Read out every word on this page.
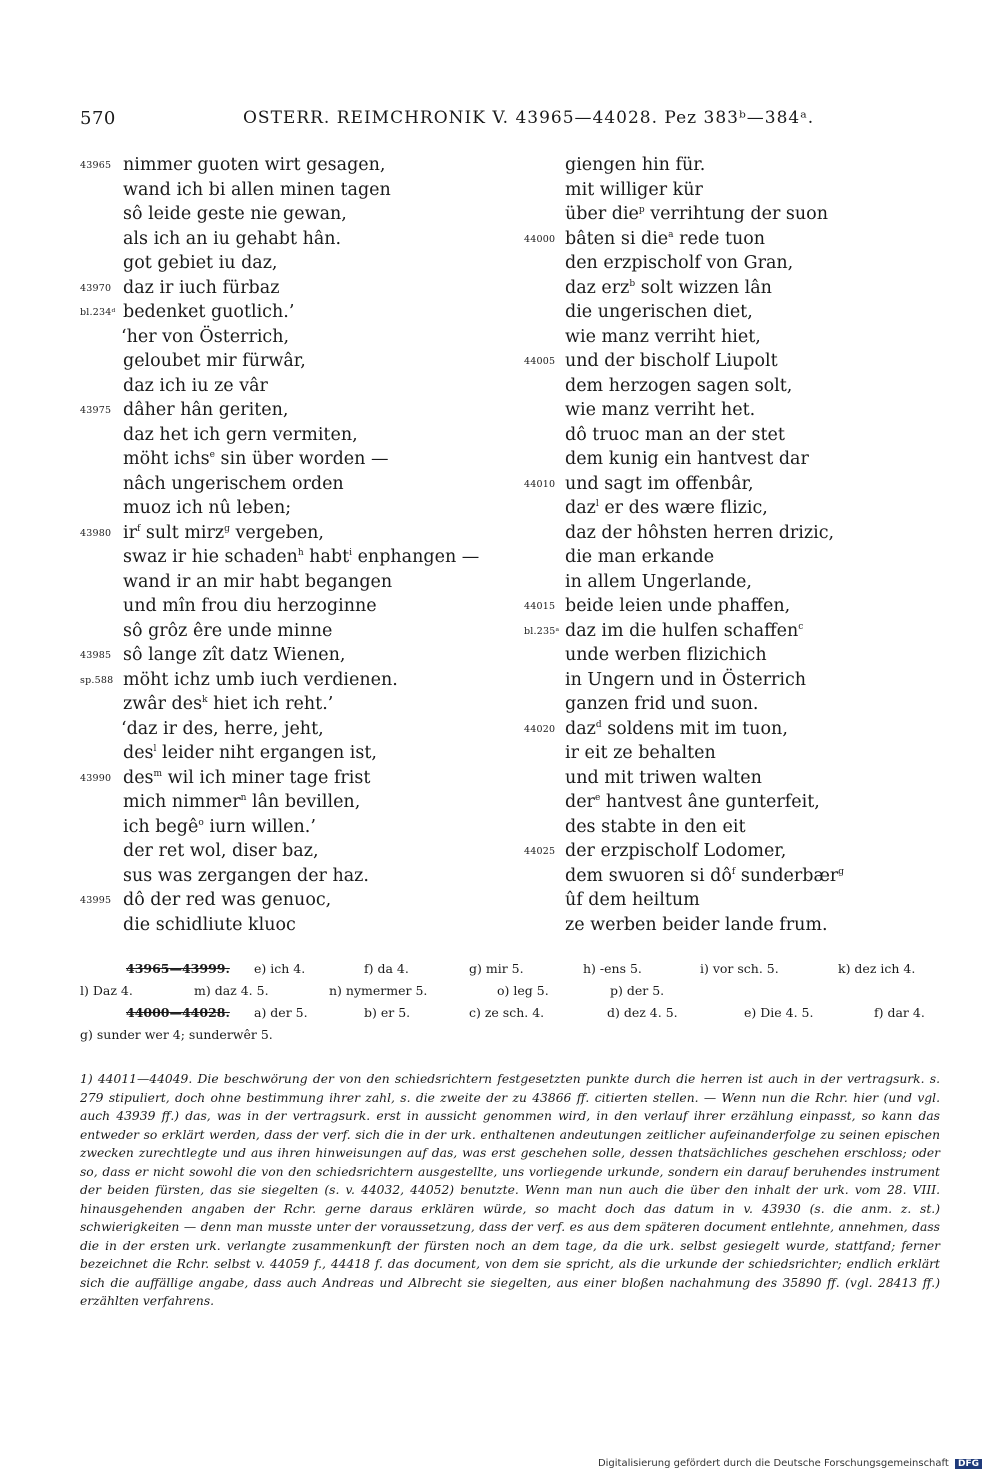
570	OSTERR. REIMCHRONIK V. 43965—44028. Pez 383ᵇ—384ᵃ.
43965 nimmer guoten wirt gesagen,
wand ich bi allen minen tagen
sô leide geste nie gewan,
als ich an iu gehabt hân.
got gebiet iu daz,
43970 daz ir iuch fürbaz
bl.234ᵈ bedenket guotlich.’
‘her von Österrich,
geloubet mir fürwâr,
daz ich iu ze vâr
43975 dâher hân geriten,
daz het ich gern vermiten,
möht ichs$^e$ sin über worden —
nâch ungerischem orden
muoz ich nû leben;
43980 $ir^f$ sult mirz$^g$ vergeben,
swaz ir hie schaden$^h$ habt$^i$ enphangen —
wand ir an mir habt begangen
und mîn frou diu herzoginne
sô grôz êre unde minne
43985 sô lange zît datz Wienen,
sp.588 möht ichz umb iuch verdienen.
zwâr des$^k$ hiet ich reht.’
‘daz ir des, herre, jeht,
des$^l$ leider niht ergangen ist,
43990 des$^m$ wil ich miner tage frist
mich nimmer$^n$ lân bevillen,
ich begê$^o$ iurn willen.’
der ret wol, diser baz,
sus was zergangen der haz.
43995 dô der red was genuoc,
die schidliute kluoc
giengen hin für.
mit williger kür
über die$^p$ verrihtung der suon
44000 bâten si die$^a$ rede tuon
den erzpischolf von Gran,
daz erz$^b$ solt wizzen lân
die ungerischen diet,
wie manz verriht hiet,
44005 und der bischolf Liupolt
dem herzogen sagen solt,
wie manz verriht het.
dô truoc man an der stet
dem kunig ein hantvest dar
44010 und sagt im offenbâr,
daz$^l$ er des wære flizic,
daz der hôhsten herren drizic,
die man erkande
in allem Ungerlande,
44015 beide leien unde phaffen,
bl.235ᵃ daz im die hulfen schaffen$^c$
unde werben flizichich
in Ungern und in Österrich
ganzen frid und suon.
44020 daz$^d$ soldens mit im tuon,
ir eit ze behalten
und mit triwen walten
der$^e$ hantvest âne gunterfeit,
des stabte in den eit
44025 der erzpischolf Lodomer,
dem swuoren si $dô^f$ sunderbær$^g$
ûf dem heiltum
ze werben beider lande frum.
43965—43999. e) ich 4.	f) da 4.	g) mir 5.	h) -ens 5.	i) vor sch. 5.	k) dez ich 4.
l) Daz 4.	m) daz 4. 5.	n) nymermer 5.	o) leg 5.	p) der 5.
44000—44028. a) der 5.	b) er 5.	c) ze sch. 4.	d) dez 4. 5.	e) Die 4. 5.	f) dar 4.
g) sunder wer 4; sunderwêr 5.

1) 44011—44049. Die beschwörung der von den schiedsrichtern festgesetzten punkte durch die herren ist auch in der vertragsurk. s. 279 stipuliert, doch ohne bestimmung ihrer zahl, s. die zweite der zu 43866 ff. citierten stellen. — Wenn nun die Rchr. hier (und vgl. auch 43939 ff.) das, was in der vertragsurk. erst in aussicht genommen wird, in den verlauf ihrer erzählung einpasst, so kann das entweder so erklärt werden, dass der verf. sich die in der urk. enthaltenen andeutungen zeitlicher aufeinanderfolge zu seinen epischen zwecken zurechtlegte und aus ihren hinweisungen auf das, was erst geschehen solle, dessen thatsächliches geschehen erschloss; oder so, dass er nicht sowohl die von den schiedsrichtern ausgestellte, uns vorliegende urkunde, sondern ein darauf beruhendes instrument der beiden fürsten, das sie siegelten (s. v. 44032, 44052) benutzte. Wenn man nun auch die über den inhalt der urk. vom 28. VIII. hinausgehenden angaben der Rchr. gerne daraus erklären würde, so macht doch das datum in v. 43930 (s. die anm. z. st.) schwierigkeiten — denn man musste unter der voraussetzung, dass der verf. es aus dem späteren document entlehnte, annehmen, dass die in der ersten urk. verlangte zusammenkunft der fürsten noch an dem tage, da die urk. selbst gesiegelt wurde, stattfand; ferner bezeichnet die Rchr. selbst v. 44059 f., 44418 f. das document, von dem sie spricht, als die urkunde der schiedsrichter; endlich erklärt sich die auffällige angabe, dass auch Andreas und Albrecht sie siegelten, aus einer bloßen nachahmung des 35890 ff. (vgl. 28413 ff.) erzählten verfahrens.

Digitalisierung gefördert durch die Deutsche Forschungsgemeinschaft DFG
